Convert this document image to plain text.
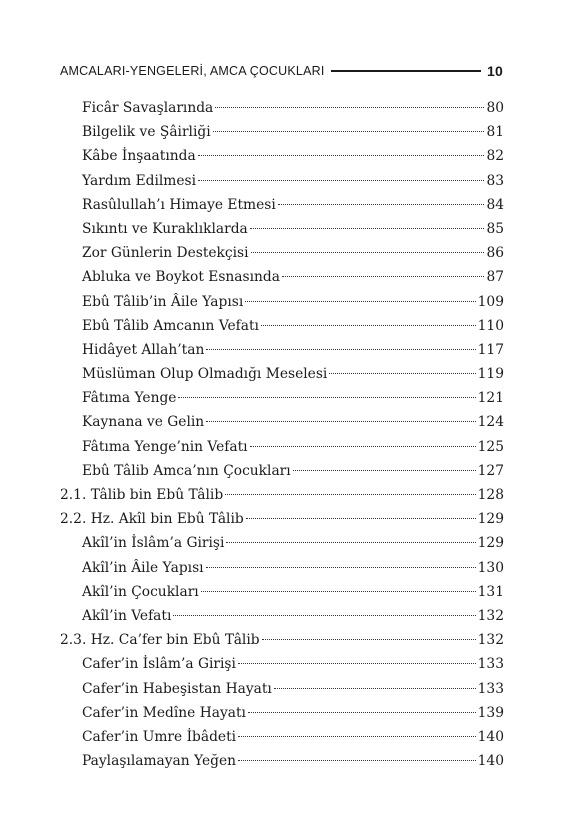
AMCALARI-YENGELERİ, AMCA ÇOCUKLARI	10
Ficâr Savaşlarında	80
Bilgelik ve Şâirliği	81
Kâbe İnşaatında	82
Yardım Edilmesi	83
Rasûlullah’ı Himaye Etmesi	84
Sıkıntı ve Kuraklıklarda	85
Zor Günlerin Destekçisi	86
Abluka ve Boykot Esnasında	87
Ebû Tâlib’in Âile Yapısı	109
Ebû Tâlib Amcanın Vefatı	110
Hidâyet Allah’tan	117
Müslüman Olup Olmadığı Meselesi	119
Fâtıma Yenge	121
Kaynana ve Gelin	124
Fâtıma Yenge’nin Vefatı	125
Ebû Tâlib Amca’nın Çocukları	127
2.1. Tâlib bin Ebû Tâlib	128
2.2. Hz. Akîl bin Ebû Tâlib	129
Akîl’in İslâm’a Girişi	129
Akîl’in Âile Yapısı	130
Akîl’in Çocukları	131
Akîl’in Vefatı	132
2.3. Hz. Ca’fer bin Ebû Tâlib	132
Cafer’in İslâm’a Girişi	133
Cafer’in Habeşistan Hayatı	133
Cafer’in Medîne Hayatı	139
Cafer’in Umre İbâdeti	140
Paylaşılamayan Yeğen	140
